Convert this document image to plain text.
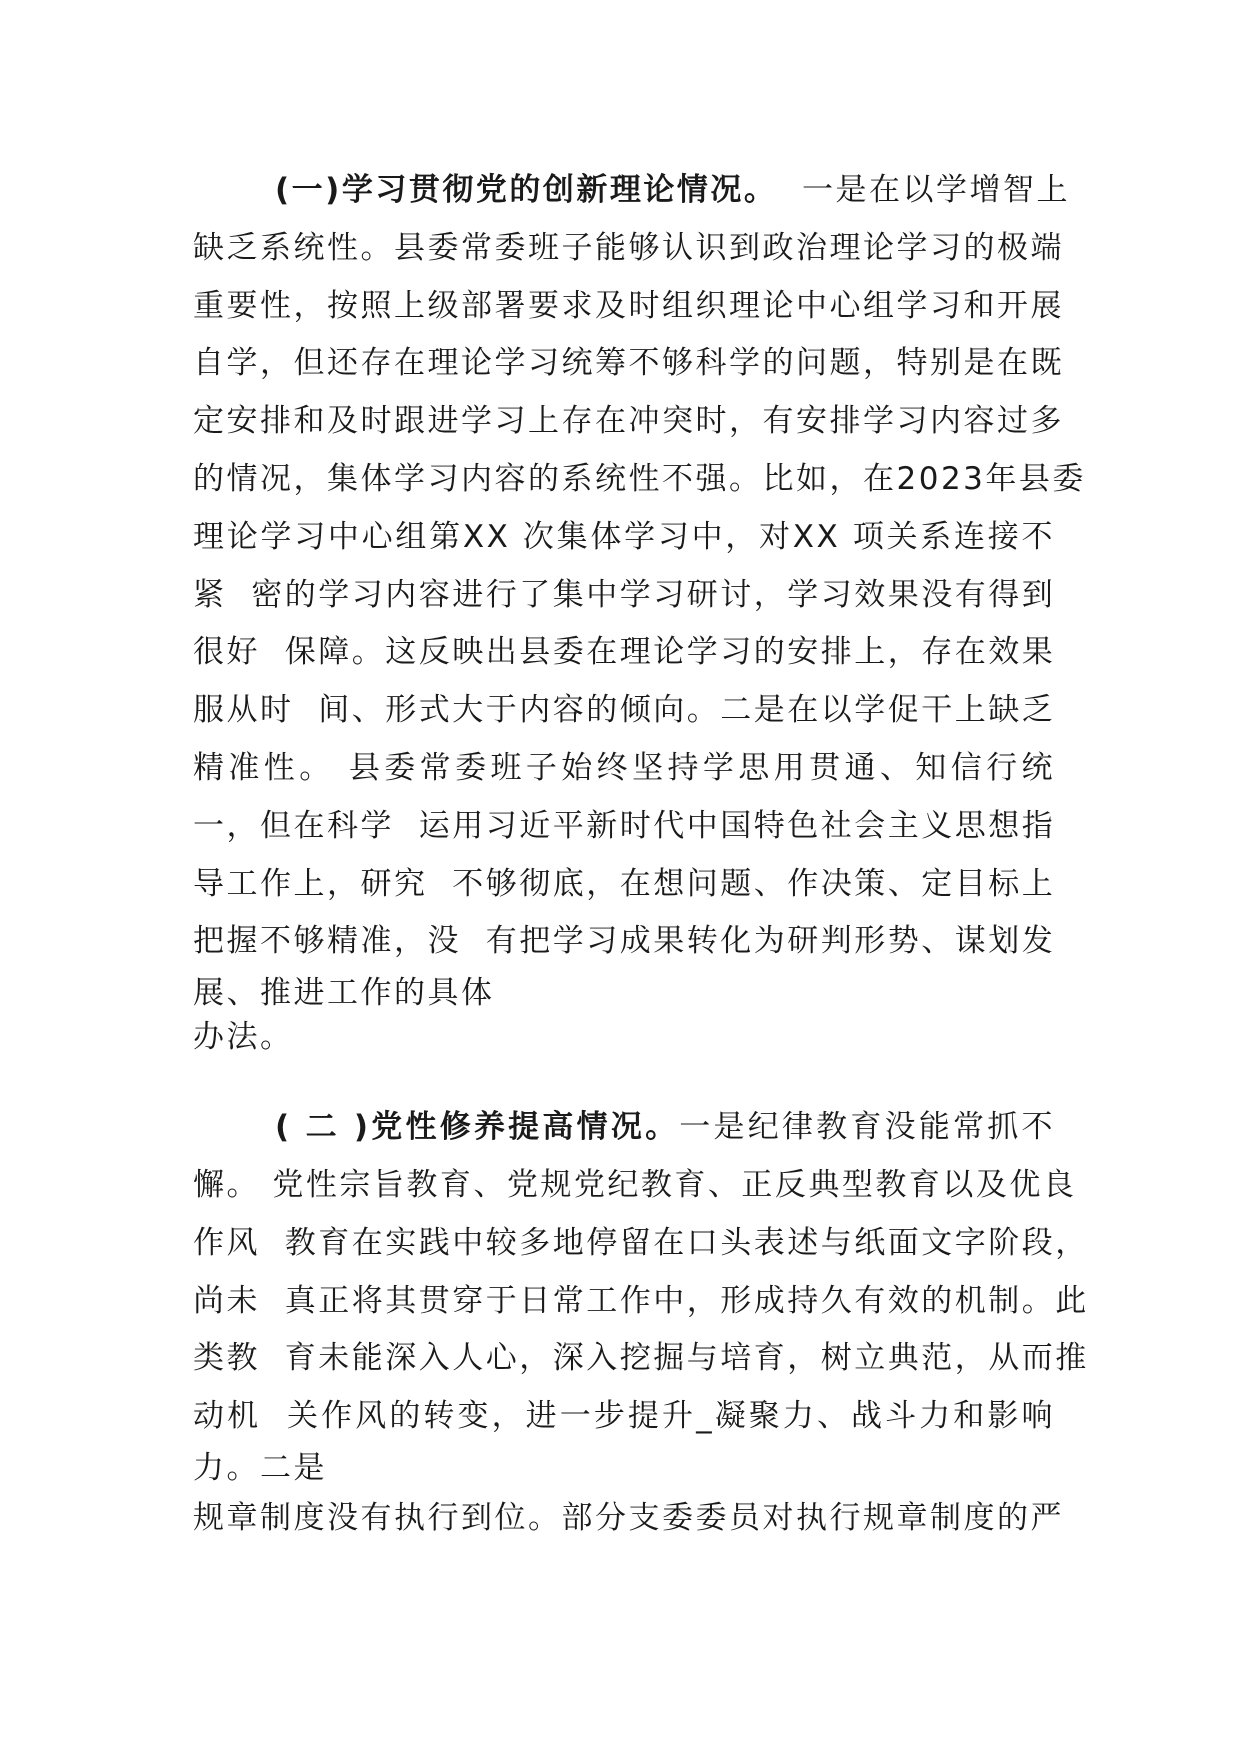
(一)学习贯彻党的创新理论情况。  一是在以学增智上
缺乏系统性。县委常委班子能够认识到政治理论学习的极端
重要性，按照上级部署要求及时组织理论中心组学习和开展
自学，但还存在理论学习统筹不够科学的问题，特别是在既
定安排和及时跟进学习上存在冲突时，有安排学习内容过多
的情况，集体学习内容的系统性不强。比如，在2023年县委
理论学习中心组第XX 次集体学习中，对XX 项关系连接不
紧  密的学习内容进行了集中学习研讨，学习效果没有得到
很好  保障。这反映出县委在理论学习的安排上，存在效果
服从时  间、形式大于内容的倾向。二是在以学促干上缺乏
精准性。 县委常委班子始终坚持学思用贯通、知信行统
一，但在科学  运用习近平新时代中国特色社会主义思想指
导工作上，研究  不够彻底，在想问题、作决策、定目标上
把握不够精准，没  有把学习成果转化为研判形势、谋划发
展、推进工作的具体
办法。
( 二 )党性修养提高情况。一是纪律教育没能常抓不
懈。 党性宗旨教育、党规党纪教育、正反典型教育以及优良
作风  教育在实践中较多地停留在口头表述与纸面文字阶段，
尚未  真正将其贯穿于日常工作中，形成持久有效的机制。此
类教  育未能深入人心，深入挖掘与培育，树立典范，从而推
动机  关作风的转变，进一步提升_凝聚力、战斗力和影响
力。二是
规章制度没有执行到位。部分支委委员对执行规章制度的严
